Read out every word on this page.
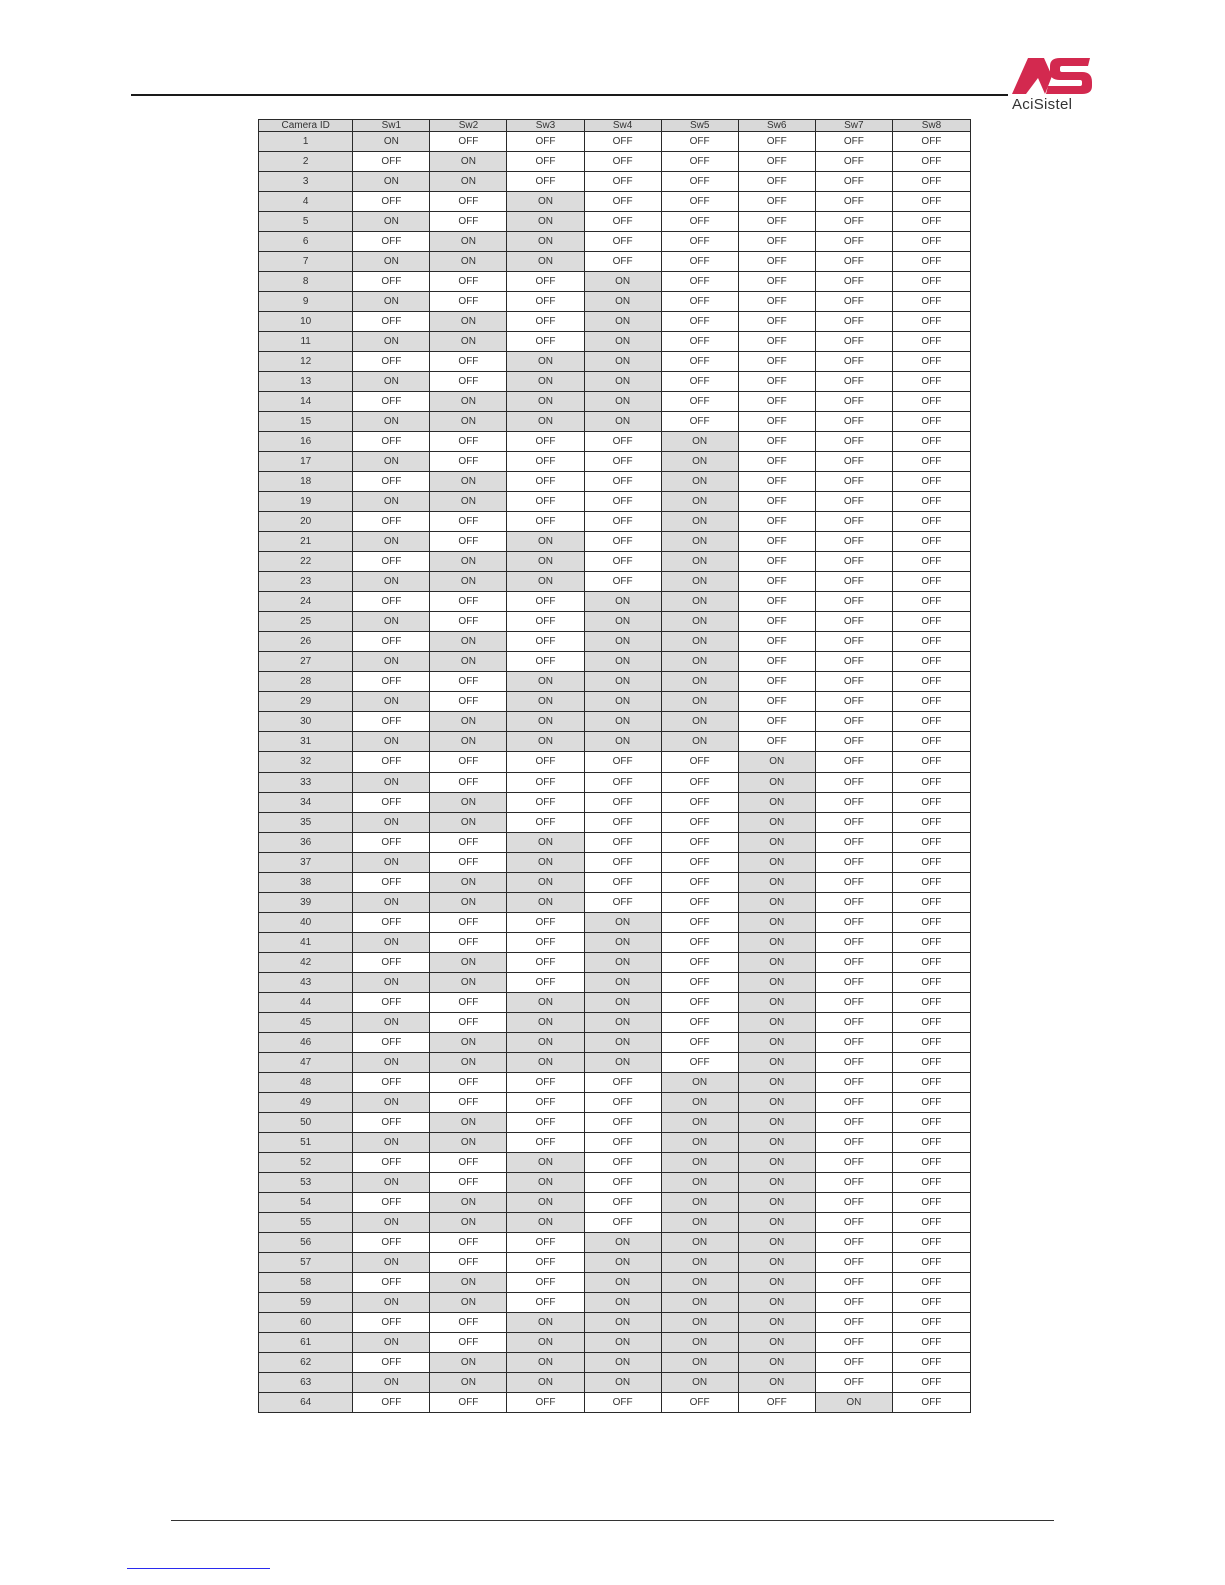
AciSistel
Camera ID	Sw1	Sw2	Sw3	Sw4	Sw5	Sw6	Sw7	Sw8
1	ON	OFF	OFF	OFF	OFF	OFF	OFF	OFF
2	OFF	ON	OFF	OFF	OFF	OFF	OFF	OFF
3	ON	ON	OFF	OFF	OFF	OFF	OFF	OFF
4	OFF	OFF	ON	OFF	OFF	OFF	OFF	OFF
5	ON	OFF	ON	OFF	OFF	OFF	OFF	OFF
6	OFF	ON	ON	OFF	OFF	OFF	OFF	OFF
7	ON	ON	ON	OFF	OFF	OFF	OFF	OFF
8	OFF	OFF	OFF	ON	OFF	OFF	OFF	OFF
9	ON	OFF	OFF	ON	OFF	OFF	OFF	OFF
10	OFF	ON	OFF	ON	OFF	OFF	OFF	OFF
11	ON	ON	OFF	ON	OFF	OFF	OFF	OFF
12	OFF	OFF	ON	ON	OFF	OFF	OFF	OFF
13	ON	OFF	ON	ON	OFF	OFF	OFF	OFF
14	OFF	ON	ON	ON	OFF	OFF	OFF	OFF
15	ON	ON	ON	ON	OFF	OFF	OFF	OFF
16	OFF	OFF	OFF	OFF	ON	OFF	OFF	OFF
17	ON	OFF	OFF	OFF	ON	OFF	OFF	OFF
18	OFF	ON	OFF	OFF	ON	OFF	OFF	OFF
19	ON	ON	OFF	OFF	ON	OFF	OFF	OFF
20	OFF	OFF	OFF	OFF	ON	OFF	OFF	OFF
21	ON	OFF	ON	OFF	ON	OFF	OFF	OFF
22	OFF	ON	ON	OFF	ON	OFF	OFF	OFF
23	ON	ON	ON	OFF	ON	OFF	OFF	OFF
24	OFF	OFF	OFF	ON	ON	OFF	OFF	OFF
25	ON	OFF	OFF	ON	ON	OFF	OFF	OFF
26	OFF	ON	OFF	ON	ON	OFF	OFF	OFF
27	ON	ON	OFF	ON	ON	OFF	OFF	OFF
28	OFF	OFF	ON	ON	ON	OFF	OFF	OFF
29	ON	OFF	ON	ON	ON	OFF	OFF	OFF
30	OFF	ON	ON	ON	ON	OFF	OFF	OFF
31	ON	ON	ON	ON	ON	OFF	OFF	OFF
32	OFF	OFF	OFF	OFF	OFF	ON	OFF	OFF
33	ON	OFF	OFF	OFF	OFF	ON	OFF	OFF
34	OFF	ON	OFF	OFF	OFF	ON	OFF	OFF
35	ON	ON	OFF	OFF	OFF	ON	OFF	OFF
36	OFF	OFF	ON	OFF	OFF	ON	OFF	OFF
37	ON	OFF	ON	OFF	OFF	ON	OFF	OFF
38	OFF	ON	ON	OFF	OFF	ON	OFF	OFF
39	ON	ON	ON	OFF	OFF	ON	OFF	OFF
40	OFF	OFF	OFF	ON	OFF	ON	OFF	OFF
41	ON	OFF	OFF	ON	OFF	ON	OFF	OFF
42	OFF	ON	OFF	ON	OFF	ON	OFF	OFF
43	ON	ON	OFF	ON	OFF	ON	OFF	OFF
44	OFF	OFF	ON	ON	OFF	ON	OFF	OFF
45	ON	OFF	ON	ON	OFF	ON	OFF	OFF
46	OFF	ON	ON	ON	OFF	ON	OFF	OFF
47	ON	ON	ON	ON	OFF	ON	OFF	OFF
48	OFF	OFF	OFF	OFF	ON	ON	OFF	OFF
49	ON	OFF	OFF	OFF	ON	ON	OFF	OFF
50	OFF	ON	OFF	OFF	ON	ON	OFF	OFF
51	ON	ON	OFF	OFF	ON	ON	OFF	OFF
52	OFF	OFF	ON	OFF	ON	ON	OFF	OFF
53	ON	OFF	ON	OFF	ON	ON	OFF	OFF
54	OFF	ON	ON	OFF	ON	ON	OFF	OFF
55	ON	ON	ON	OFF	ON	ON	OFF	OFF
56	OFF	OFF	OFF	ON	ON	ON	OFF	OFF
57	ON	OFF	OFF	ON	ON	ON	OFF	OFF
58	OFF	ON	OFF	ON	ON	ON	OFF	OFF
59	ON	ON	OFF	ON	ON	ON	OFF	OFF
60	OFF	OFF	ON	ON	ON	ON	OFF	OFF
61	ON	OFF	ON	ON	ON	ON	OFF	OFF
62	OFF	ON	ON	ON	ON	ON	OFF	OFF
63	ON	ON	ON	ON	ON	ON	OFF	OFF
64	OFF	OFF	OFF	OFF	OFF	OFF	ON	OFF
